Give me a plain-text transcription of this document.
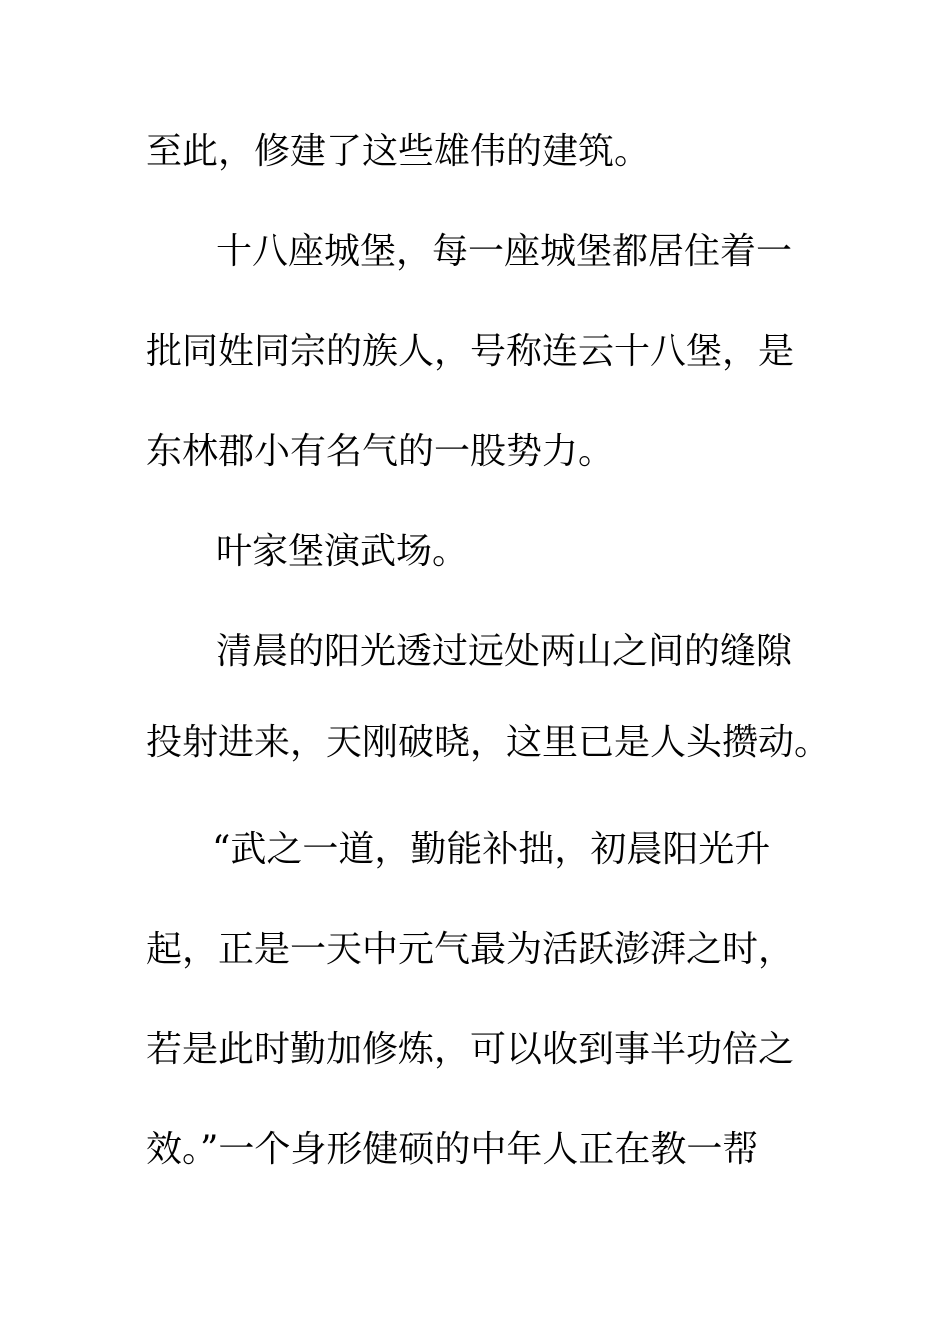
至此，修建了这些雄伟的建筑。
十八座城堡，每一座城堡都居住着一
批同姓同宗的族人，号称连云十八堡，是
东林郡小有名气的一股势力。
叶家堡演武场。
清晨的阳光透过远处两山之间的缝隙
投射进来，天刚破晓，这里已是人头攒动。
“武之一道，勤能补拙，初晨阳光升
起，正是一天中元气最为活跃澎湃之时，
若是此时勤加修炼，可以收到事半功倍之
效。”一个身形健硕的中年人正在教一帮
